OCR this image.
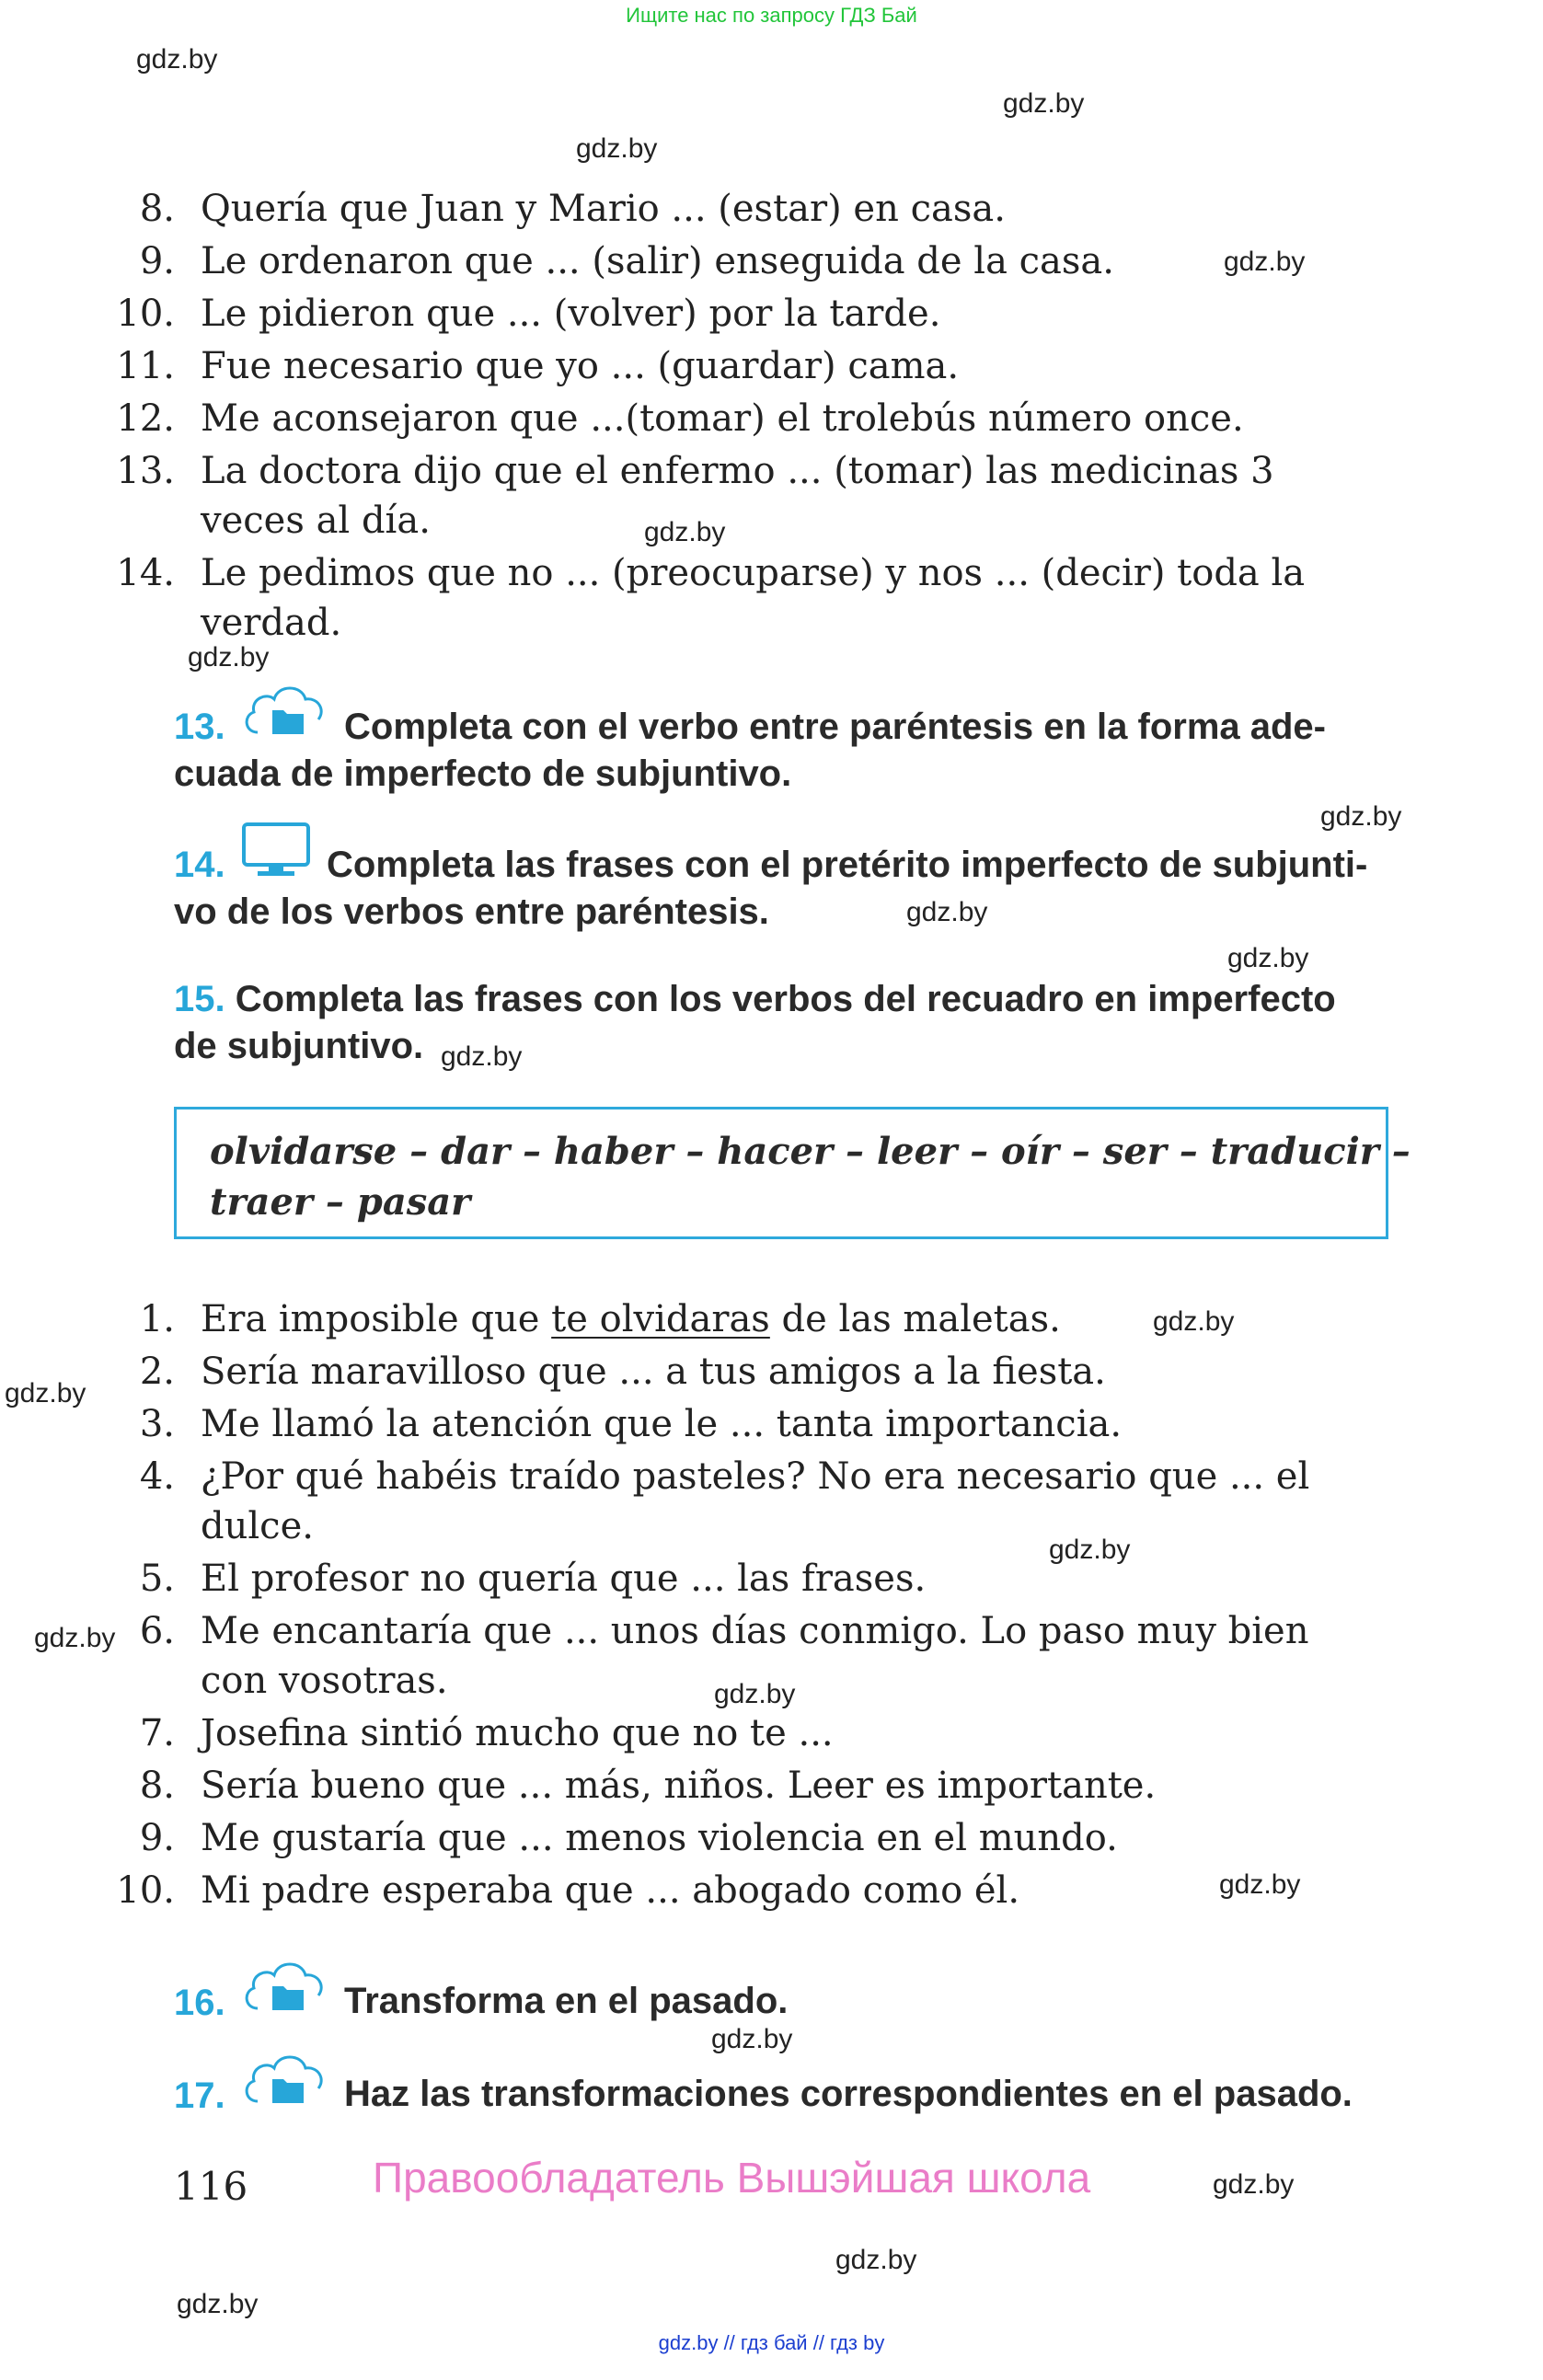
Ищите нас по запросу ГДЗ Бай
gdz.by
gdz.by
gdz.by
gdz.by
gdz.by
gdz.by
gdz.by
gdz.by
gdz.by
gdz.by
gdz.by
gdz.by
gdz.by
gdz.by
gdz.by
gdz.by
gdz.by
gdz.by
gdz.by
gdz.by
8. Quería que Juan y Mario ... (estar) en casa.
9. Le ordenaron que ... (salir) enseguida de la casa.
10. Le pidieron que ... (volver) por la tarde.
11. Fue necesario que yo ... (guardar) cama.
12. Me aconsejaron que ...(tomar) el trolebús número once.
13. La doctora dijo que el enfermo ... (tomar) las medicinas 3
veces al día.
14. Le pedimos que no ... (preocuparse) y nos ... (decir) toda la
verdad.
13.	Completa con el verbo entre paréntesis en la forma ade-
cuada de imperfecto de subjuntivo.
14.	Completa las frases con el pretérito imperfecto de subjunti-
vo de los verbos entre paréntesis.
15. Completa las frases con los verbos del recuadro en imperfecto
de subjuntivo.
olvidarse – dar – haber – hacer – leer – oír – ser – traducir –
traer – pasar
1. Era imposible que te olvidaras de las maletas.
2. Sería maravilloso que ... a tus amigos a la fiesta.
3. Me llamó la atención que le ... tanta importancia.
4. ¿Por qué habéis traído pasteles? No era necesario que ... el
dulce.
5. El profesor no quería que ... las frases.
6. Me encantaría que ... unos días conmigo. Lo paso muy bien
con vosotras.
7. Josefina sintió mucho que no te ...
8. Sería bueno que ... más, niños. Leer es importante.
9. Me gustaría que ... menos violencia en el mundo.
10. Mi padre esperaba que ... abogado como él.
16.	Transforma en el pasado.
17.	Haz las transformaciones correspondientes en el pasado.
116	Правообладатель Вышэйшая школа
gdz.by // гдз бай // гдз by
